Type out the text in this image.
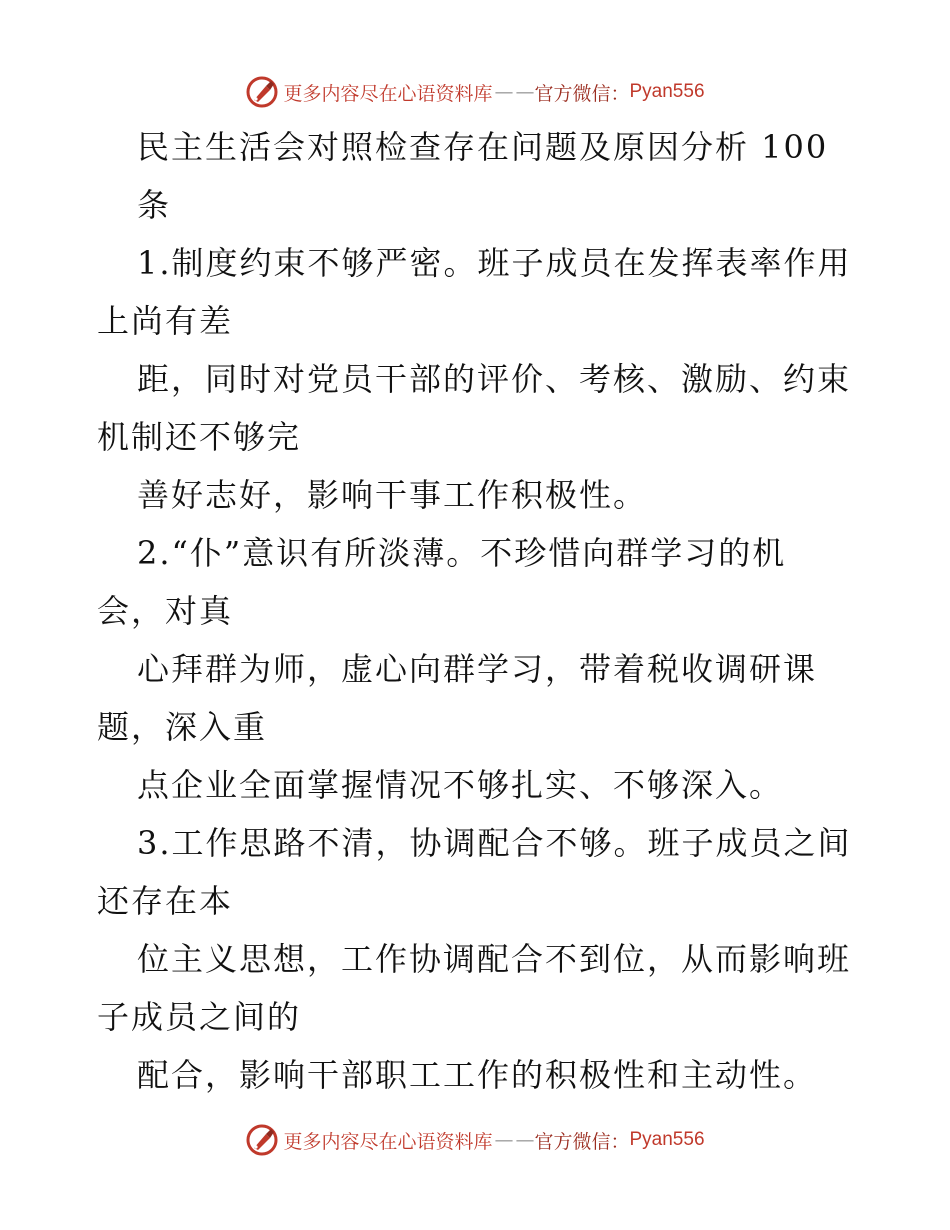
更多内容尽在心语资料库 — — 官方微信： Pyan556
民主生活会对照检查存在问题及原因分析 100
条
1.制度约束不够严密。班子成员在发挥表率作用
上尚有差
距，同时对党员干部的评价、考核、激励、约束
机制还不够完
善好志好，影响干事工作积极性。
2.“仆”意识有所淡薄。不珍惜向群学习的机
会，对真
心拜群为师，虚心向群学习，带着税收调研课
题，深入重
点企业全面掌握情况不够扎实、不够深入。
3.工作思路不清，协调配合不够。班子成员之间
还存在本
位主义思想，工作协调配合不到位，从而影响班
子成员之间的
配合，影响干部职工工作的积极性和主动性。
更多内容尽在心语资料库 — — 官方微信： Pyan556
